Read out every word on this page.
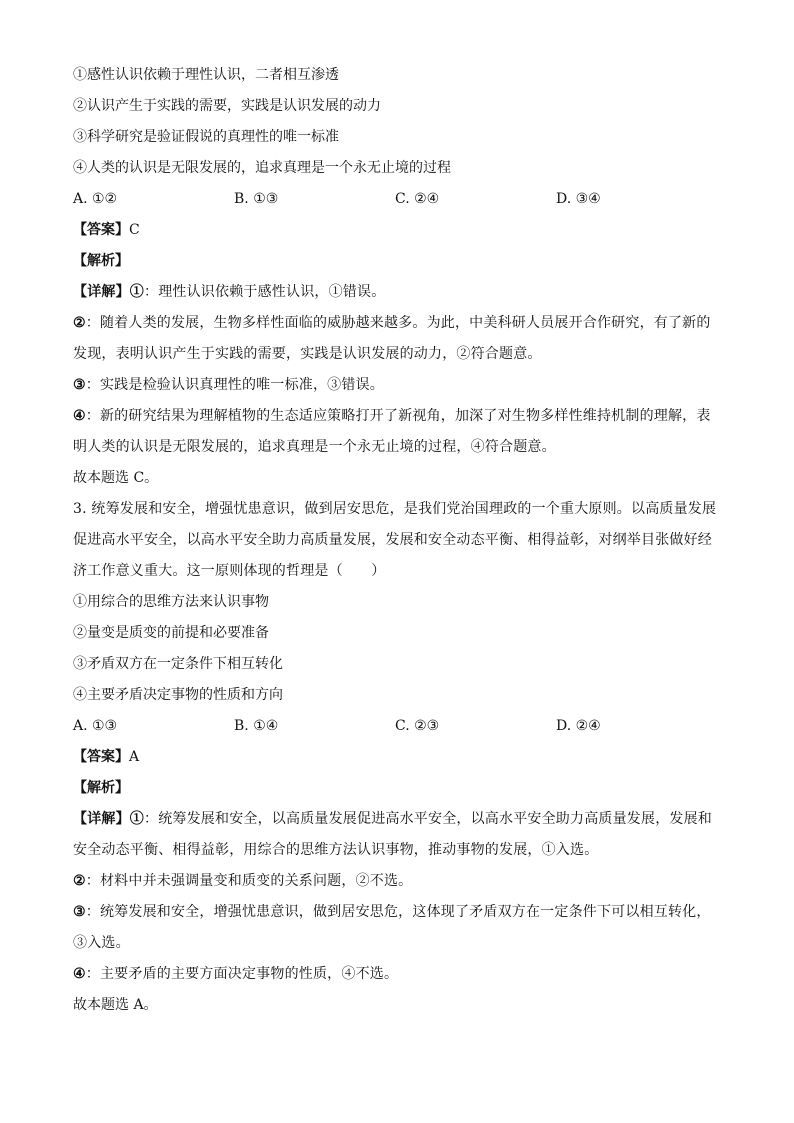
①感性认识依赖于理性认识，二者相互渗透
②认识产生于实践的需要，实践是认识发展的动力
③科学研究是验证假说的真理性的唯一标准
④人类的认识是无限发展的，追求真理是一个永无止境的过程
A. ①②	B. ①③	C. ②④	D. ③④
【答案】C
【解析】
【详解】①：理性认识依赖于感性认识，①错误。
②：随着人类的发展，生物多样性面临的威胁越来越多。为此，中美科研人员展开合作研究，有了新的发现，表明认识产生于实践的需要，实践是认识发展的动力，②符合题意。
③：实践是检验认识真理性的唯一标准，③错误。
④：新的研究结果为理解植物的生态适应策略打开了新视角，加深了对生物多样性维持机制的理解，表明人类的认识是无限发展的，追求真理是一个永无止境的过程，④符合题意。
故本题选 C。
3. 统筹发展和安全，增强忧患意识，做到居安思危，是我们党治国理政的一个重大原则。以高质量发展促进高水平安全，以高水平安全助力高质量发展，发展和安全动态平衡、相得益彰，对纲举目张做好经济工作意义重大。这一原则体现的哲理是（　　）
①用综合的思维方法来认识事物
②量变是质变的前提和必要准备
③矛盾双方在一定条件下相互转化
④主要矛盾决定事物的性质和方向
A. ①③	B. ①④	C. ②③	D. ②④
【答案】A
【解析】
【详解】①：统筹发展和安全，以高质量发展促进高水平安全，以高水平安全助力高质量发展，发展和安全动态平衡、相得益彰，用综合的思维方法认识事物，推动事物的发展，①入选。
②：材料中并未强调量变和质变的关系问题，②不选。
③：统筹发展和安全，增强忧患意识，做到居安思危，这体现了矛盾双方在一定条件下可以相互转化，③入选。
④：主要矛盾的主要方面决定事物的性质，④不选。
故本题选 A。
